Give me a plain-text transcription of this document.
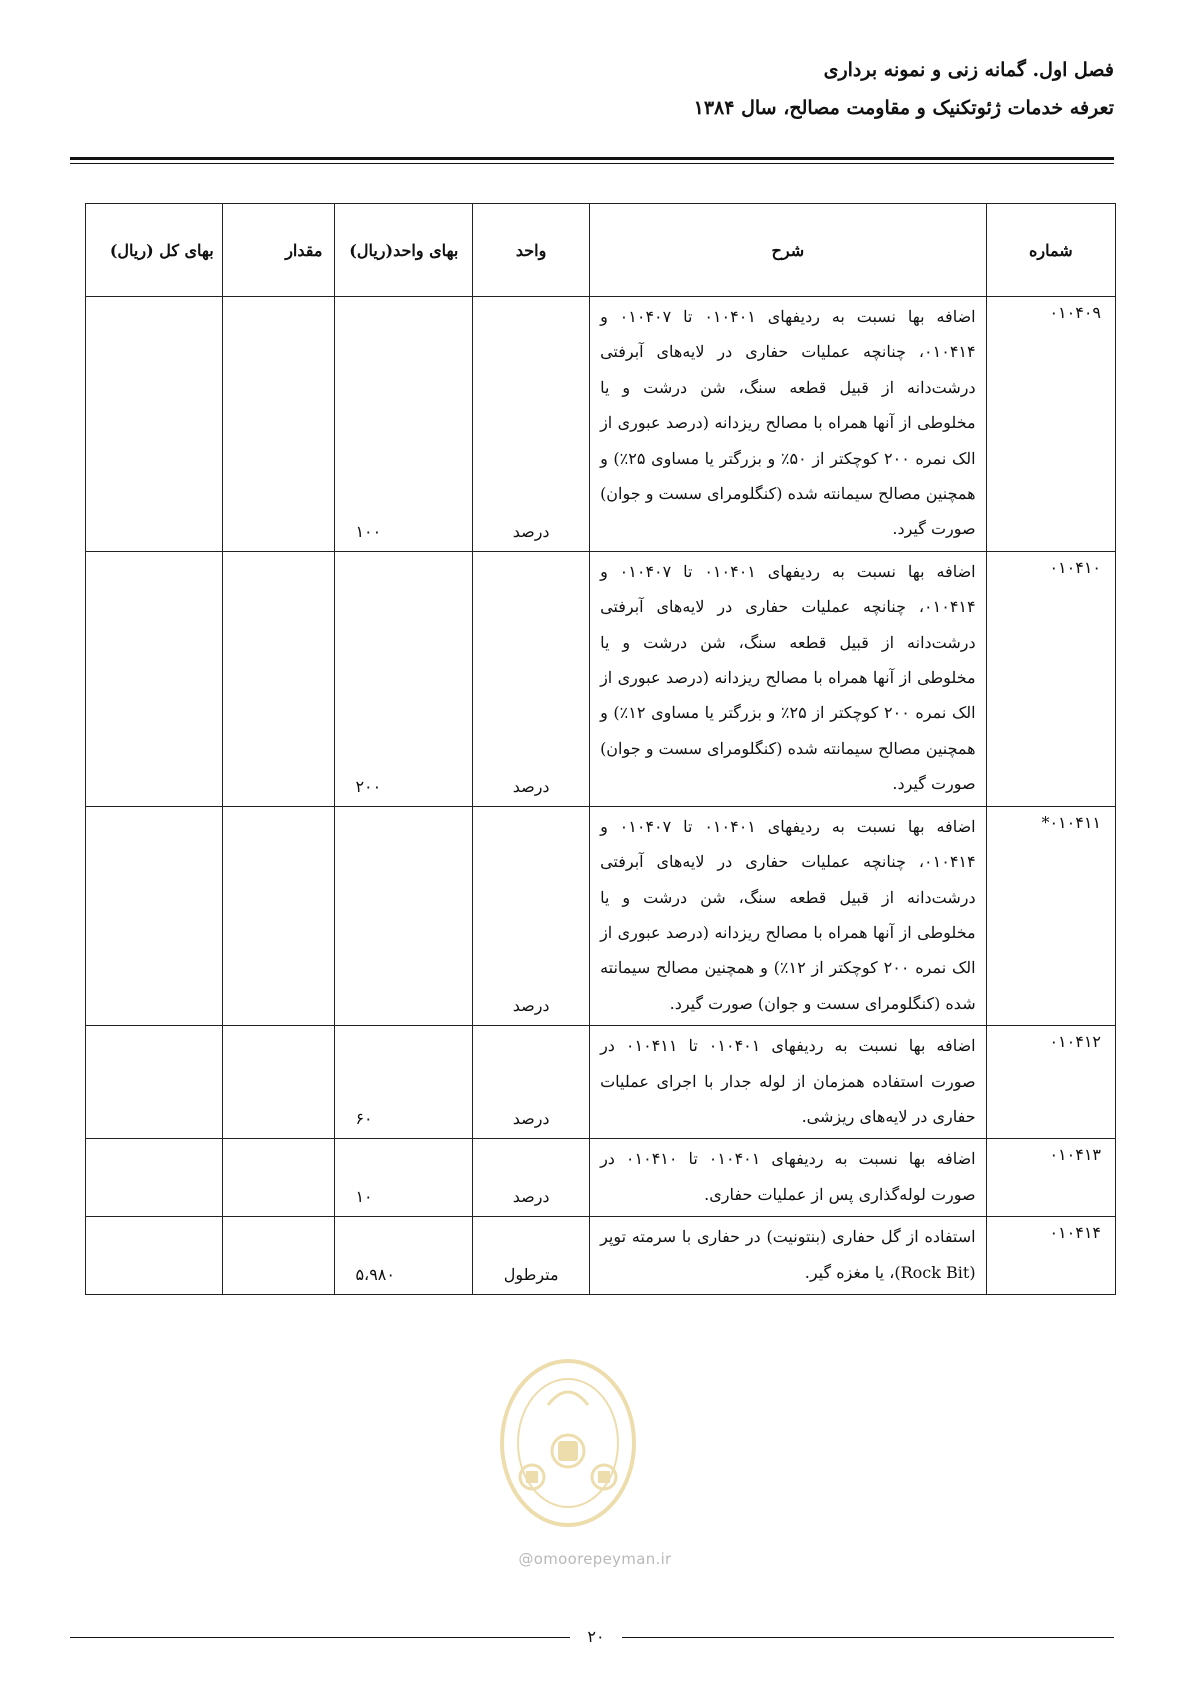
فصل اول. گمانه زنی و نمونه برداری
تعرفه خدمات ژئوتکنیک و مقاومت مصالح، سال ۱۳۸۴
شماره	شرح	واحد	بهای واحد(ریال)	مقدار	بهای کل (ریال)
۰۱۰۴۰۹	اضافه بها نسبت به ردیفهای ۰۱۰۴۰۱ تا ۰۱۰۴۰۷ و ۰۱۰۴۱۴، چنانچه عملیات حفاری در لایه‌های آبرفتی درشت‌دانه از قبیل قطعه سنگ، شن درشت و یا مخلوطی از آنها همراه با مصالح ریزدانه (درصد عبوری از الک نمره ۲۰۰ کوچکتر از ۵۰٪ و بزرگتر یا مساوی ۲۵٪) و همچنین مصالح سیمانته شده (کنگلومرای سست و جوان) صورت گیرد.	درصد	۱۰۰		
۰۱۰۴۱۰	اضافه بها نسبت به ردیفهای ۰۱۰۴۰۱ تا ۰۱۰۴۰۷ و ۰۱۰۴۱۴، چنانچه عملیات حفاری در لایه‌های آبرفتی درشت‌دانه از قبیل قطعه سنگ، شن درشت و یا مخلوطی از آنها همراه با مصالح ریزدانه (درصد عبوری از الک نمره ۲۰۰ کوچکتر از ۲۵٪ و بزرگتر یا مساوی ۱۲٪) و همچنین مصالح سیمانته شده (کنگلومرای سست و جوان) صورت گیرد.	درصد	۲۰۰		
۰۱۰۴۱۱*	اضافه بها نسبت به ردیفهای ۰۱۰۴۰۱ تا ۰۱۰۴۰۷ و ۰۱۰۴۱۴، چنانچه عملیات حفاری در لایه‌های آبرفتی درشت‌دانه از قبیل قطعه سنگ، شن درشت و یا مخلوطی از آنها همراه با مصالح ریزدانه (درصد عبوری از الک نمره ۲۰۰ کوچکتر از ۱۲٪) و همچنین مصالح سیمانته شده (کنگلومرای سست و جوان) صورت گیرد.	درصد			
۰۱۰۴۱۲	اضافه بها نسبت به ردیفهای ۰۱۰۴۰۱ تا ۰۱۰۴۱۱ در صورت استفاده همزمان از لوله جدار با اجرای عملیات حفاری در لایه‌های ریزشی.	درصد	۶۰		
۰۱۰۴۱۳	اضافه بها نسبت به ردیفهای ۰۱۰۴۰۱ تا ۰۱۰۴۱۰ در صورت لوله‌گذاری پس از عملیات حفاری.	درصد	۱۰		
۰۱۰۴۱۴	استفاده از گل حفاری (بنتونیت) در حفاری با سرمته توپر (Rock Bit)، یا مغزه گیر.	مترطول	۵،۹۸۰		
@omoorepeyman.ir
۲۰
